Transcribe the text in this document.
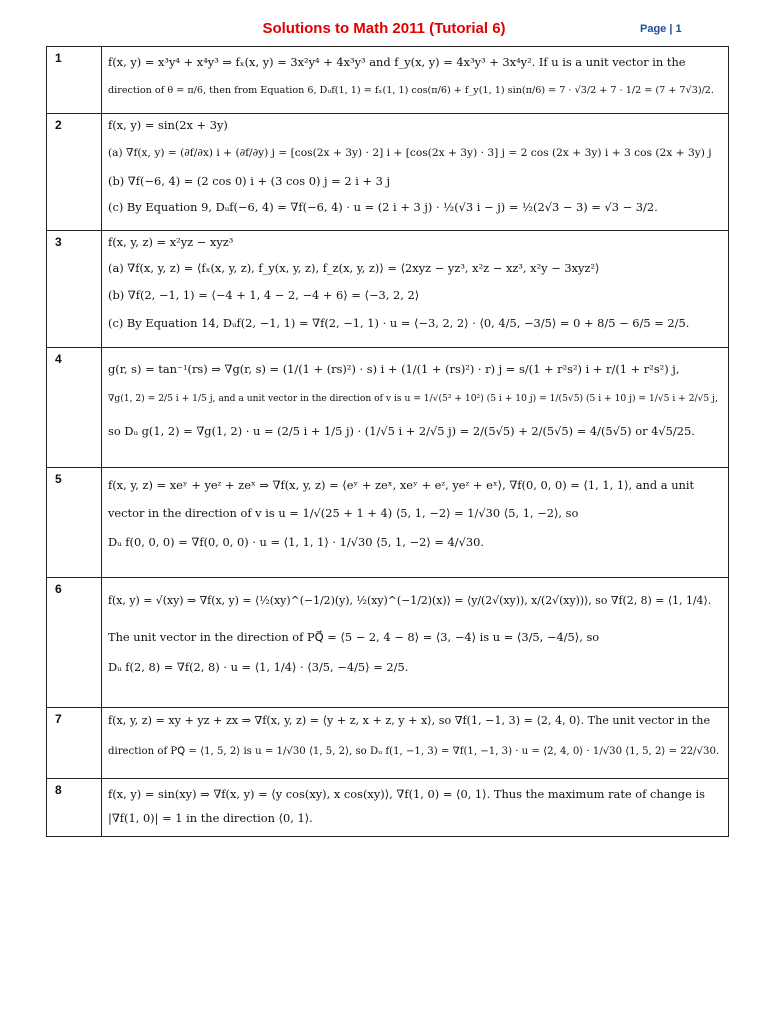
Solutions to Math 2011 (Tutorial 6)	Page | 1
1	f(x, y) = x³y⁴ + x⁴y³ ⇒ fₓ(x, y) = 3x²y⁴ + 4x³y³ and f_y(x, y) = 4x³y³ + 3x⁴y². If u is a unit vector in the
direction of θ = π/6, then from Equation 6, Dᵤf(1, 1) = fₓ(1, 1) cos(π/6) + f_y(1, 1) sin(π/6) = 7 · √3/2 + 7 · 1/2 = (7 + 7√3)/2.

2	f(x, y) = sin(2x + 3y)
(a) ∇f(x, y) = (∂f/∂x) i + (∂f/∂y) j = [cos(2x + 3y) · 2] i + [cos(2x + 3y) · 3] j = 2 cos (2x + 3y) i + 3 cos (2x + 3y) j
(b) ∇f(−6, 4) = (2 cos 0) i + (3 cos 0) j = 2 i + 3 j
(c) By Equation 9, Dᵤf(−6, 4) = ∇f(−6, 4) · u = (2 i + 3 j) · ½(√3 i − j) = ½(2√3 − 3) = √3 − 3/2.

3	f(x, y, z) = x²yz − xyz³
(a) ∇f(x, y, z) = ⟨fₓ(x, y, z), f_y(x, y, z), f_z(x, y, z)⟩ = ⟨2xyz − yz³, x²z − xz³, x²y − 3xyz²⟩
(b) ∇f(2, −1, 1) = ⟨−4 + 1, 4 − 2, −4 + 6⟩ = ⟨−3, 2, 2⟩
(c) By Equation 14, Dᵤf(2, −1, 1) = ∇f(2, −1, 1) · u = ⟨−3, 2, 2⟩ · ⟨0, 4/5, −3/5⟩ = 0 + 8/5 − 6/5 = 2/5.

4	g(r, s) = tan⁻¹(rs) ⇒ ∇g(r, s) = (1/(1 + (rs)²) · s) i + (1/(1 + (rs)²) · r) j = s/(1 + r²s²) i + r/(1 + r²s²) j,
∇g(1, 2) = 2/5 i + 1/5 j, and a unit vector in the direction of v is u = 1/√(5² + 10²) (5 i + 10 j) = 1/(5√5) (5 i + 10 j) = 1/√5 i + 2/√5 j,
so Dᵤ g(1, 2) = ∇g(1, 2) · u = (2/5 i + 1/5 j) · (1/√5 i + 2/√5 j) = 2/(5√5) + 2/(5√5) = 4/(5√5) or 4√5/25.

5	f(x, y, z) = xeʸ + yeᶻ + zeˣ ⇒ ∇f(x, y, z) = ⟨eʸ + zeˣ, xeʸ + eᶻ, yeᶻ + eˣ⟩, ∇f(0, 0, 0) = ⟨1, 1, 1⟩, and a unit
vector in the direction of v is u = 1/√(25 + 1 + 4) ⟨5, 1, −2⟩ = 1/√30 ⟨5, 1, −2⟩, so
Dᵤ f(0, 0, 0) = ∇f(0, 0, 0) · u = ⟨1, 1, 1⟩ · 1/√30 ⟨5, 1, −2⟩ = 4/√30.

6	f(x, y) = √(xy) ⇒ ∇f(x, y) = ⟨½(xy)^(−1/2)(y), ½(xy)^(−1/2)(x)⟩ = ⟨y/(2√(xy)), x/(2√(xy))⟩, so ∇f(2, 8) = ⟨1, 1/4⟩.
The unit vector in the direction of PQ⃗ = ⟨5 − 2, 4 − 8⟩ = ⟨3, −4⟩ is u = ⟨3/5, −4/5⟩, so
Dᵤ f(2, 8) = ∇f(2, 8) · u = ⟨1, 1/4⟩ · ⟨3/5, −4/5⟩ = 2/5.

7	f(x, y, z) = xy + yz + zx ⇒ ∇f(x, y, z) = ⟨y + z, x + z, y + x⟩, so ∇f(1, −1, 3) = ⟨2, 4, 0⟩. The unit vector in the
direction of PQ⃗ = ⟨1, 5, 2⟩ is u = 1/√30 ⟨1, 5, 2⟩, so Dᵤ f(1, −1, 3) = ∇f(1, −1, 3) · u = ⟨2, 4, 0⟩ · 1/√30 ⟨1, 5, 2⟩ = 22/√30.

8	f(x, y) = sin(xy) ⇒ ∇f(x, y) = ⟨y cos(xy), x cos(xy)⟩, ∇f(1, 0) = ⟨0, 1⟩. Thus the maximum rate of change is
|∇f(1, 0)| = 1 in the direction ⟨0, 1⟩.
